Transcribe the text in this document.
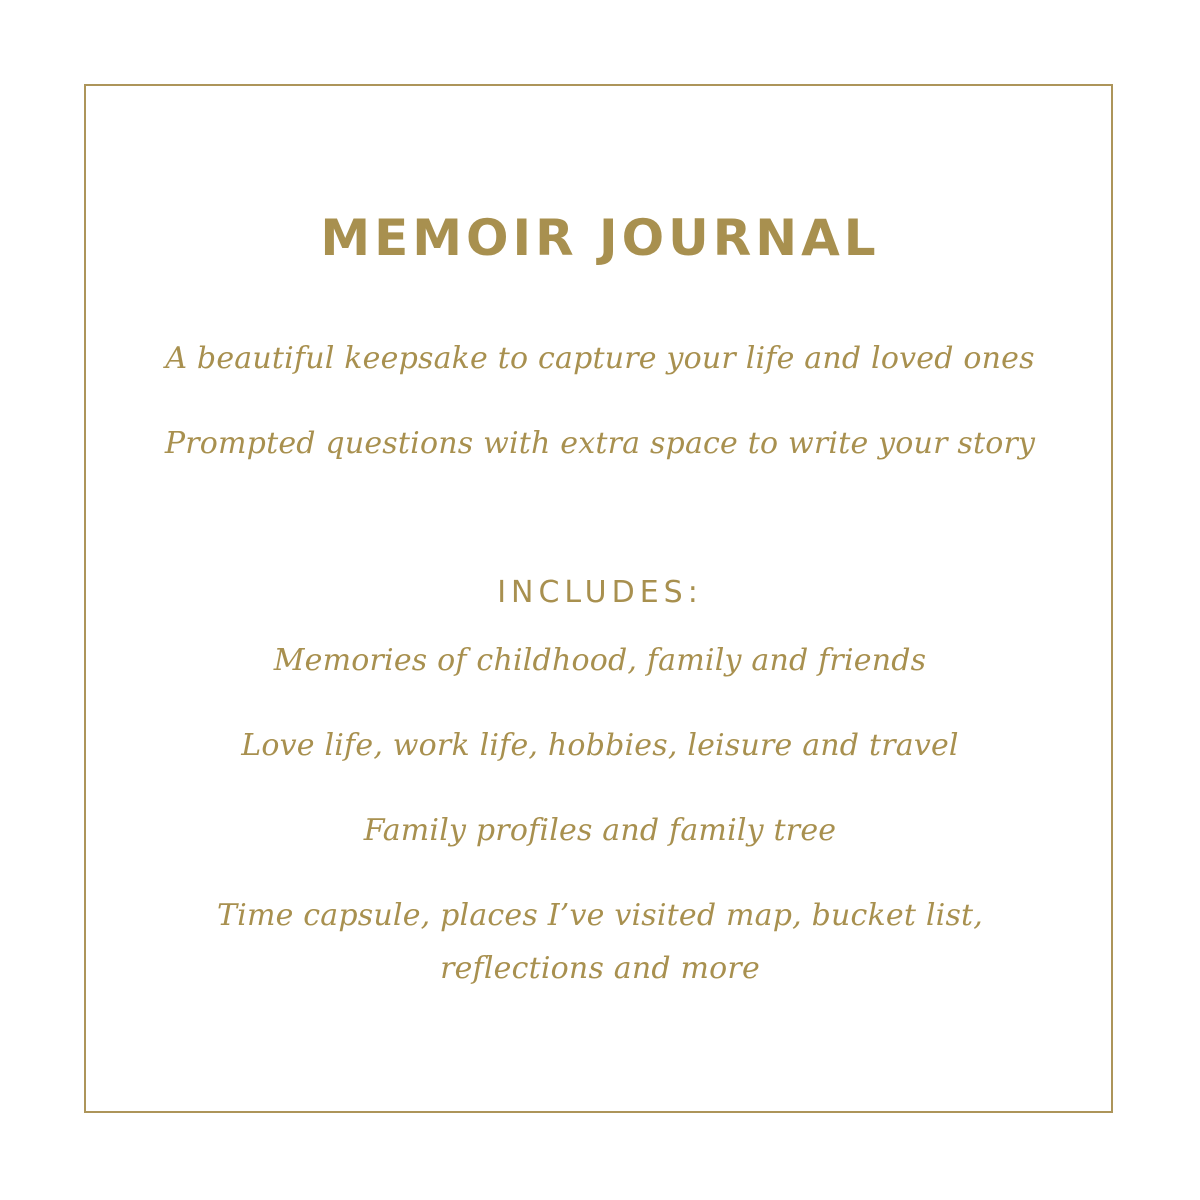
MEMOIR JOURNAL
A beautiful keepsake to capture your life and loved ones
Prompted questions with extra space to write your story
INCLUDES:
Memories of childhood, family and friends
Love life, work life, hobbies, leisure and travel
Family profiles and family tree
Time capsule, places I’ve visited map, bucket list,
reflections and more
